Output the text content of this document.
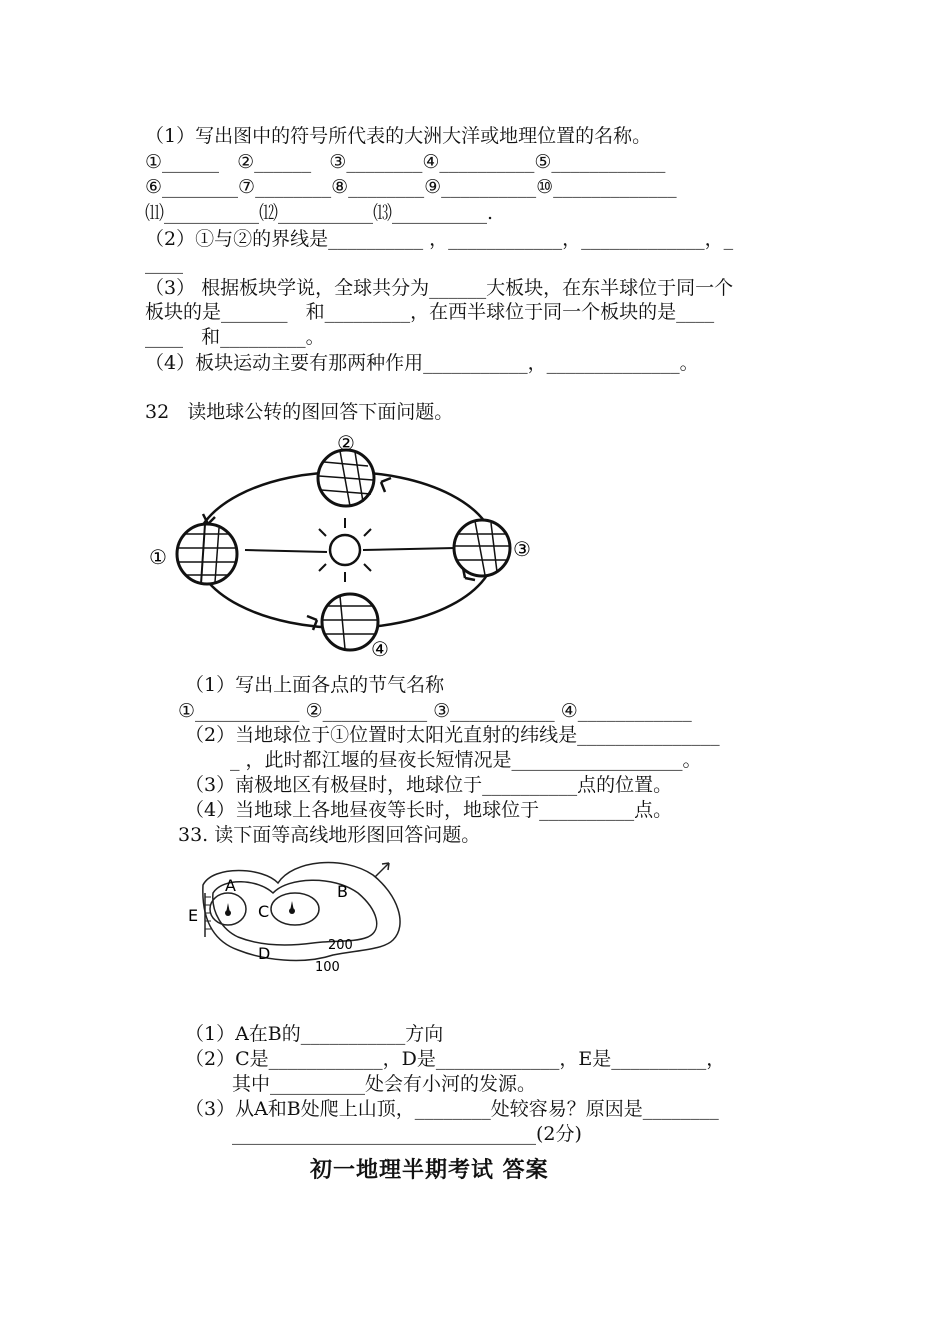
（1）写出图中的符号所代表的大洲大洋或地理位置的名称。
①______   ②______   ③________④__________⑤____________
⑥________⑦________⑧________⑨__________⑩_____________
⑾__________⑿__________⒀__________.
（2）①与②的界线是__________ ，____________，_____________，_
____
（3） 根据板块学说，全球共分为______大板块，在东半球位于同一个
板块的是_______   和_________，在西半球位于同一个板块的是____
____   和_________。
（4）板块运动主要有那两种作用___________，______________。
32   读地球公转的图回答下面问题。
①
②
③
④
（1）写出上面各点的节气名称
①___________ ②___________ ③___________ ④____________
（2）当地球位于①位置时太阳光直射的纬线是_______________
_ ，此时都江堰的昼夜长短情况是__________________。
（3）南极地区有极昼时，地球位于__________点的位置。
（4）当地球上各地昼夜等长时，地球位于__________点。
33. 读下面等高线地形图回答问题。
A	B
C
D
E
200
100
（1）A在B的___________方向
（2）C是____________，D是_____________，E是__________，
其中__________处会有小河的发源。
（3）从A和B处爬上山顶，________处较容易？原因是________
________________________________(2分)
初一地理半期考试 答案
